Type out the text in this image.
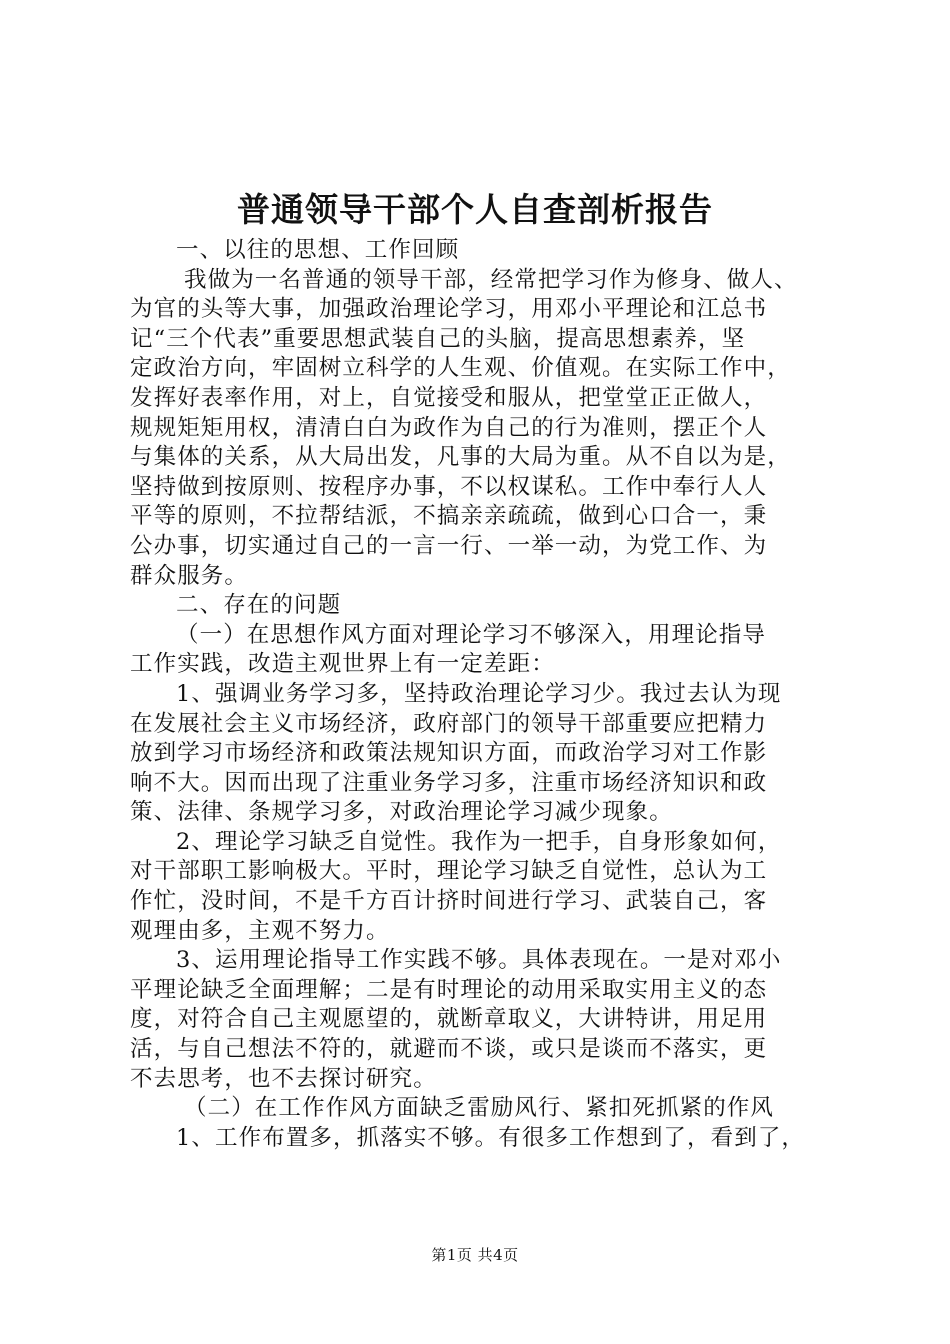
普通领导干部个人自查剖析报告
一、以往的思想、工作回顾
我做为一名普通的领导干部，经常把学习作为修身、做人、
为官的头等大事，加强政治理论学习，用邓小平理论和江总书
记“三个代表”重要思想武装自己的头脑，提高思想素养，坚
定政治方向，牢固树立科学的人生观、价值观。在实际工作中，
发挥好表率作用，对上，自觉接受和服从，把堂堂正正做人，
规规矩矩用权，清清白白为政作为自己的行为准则，摆正个人
与集体的关系，从大局出发，凡事的大局为重。从不自以为是，
坚持做到按原则、按程序办事，不以权谋私。工作中奉行人人
平等的原则，不拉帮结派，不搞亲亲疏疏，做到心口合一，秉
公办事，切实通过自己的一言一行、一举一动，为党工作、为
群众服务。
二、存在的问题
（一）在思想作风方面对理论学习不够深入，用理论指导
工作实践，改造主观世界上有一定差距：
1、强调业务学习多，坚持政治理论学习少。我过去认为现
在发展社会主义市场经济，政府部门的领导干部重要应把精力
放到学习市场经济和政策法规知识方面，而政治学习对工作影
响不大。因而出现了注重业务学习多，注重市场经济知识和政
策、法律、条规学习多，对政治理论学习减少现象。
2、理论学习缺乏自觉性。我作为一把手，自身形象如何，
对干部职工影响极大。平时，理论学习缺乏自觉性，总认为工
作忙，没时间，不是千方百计挤时间进行学习、武装自己，客
观理由多，主观不努力。
3、运用理论指导工作实践不够。具体表现在。一是对邓小
平理论缺乏全面理解；二是有时理论的动用采取实用主义的态
度，对符合自己主观愿望的，就断章取义，大讲特讲，用足用
活，与自己想法不符的，就避而不谈，或只是谈而不落实，更
不去思考，也不去探讨研究。
（二）在工作作风方面缺乏雷励风行、紧扣死抓紧的作风
1、工作布置多，抓落实不够。有很多工作想到了，看到了，
第1页 共4页
